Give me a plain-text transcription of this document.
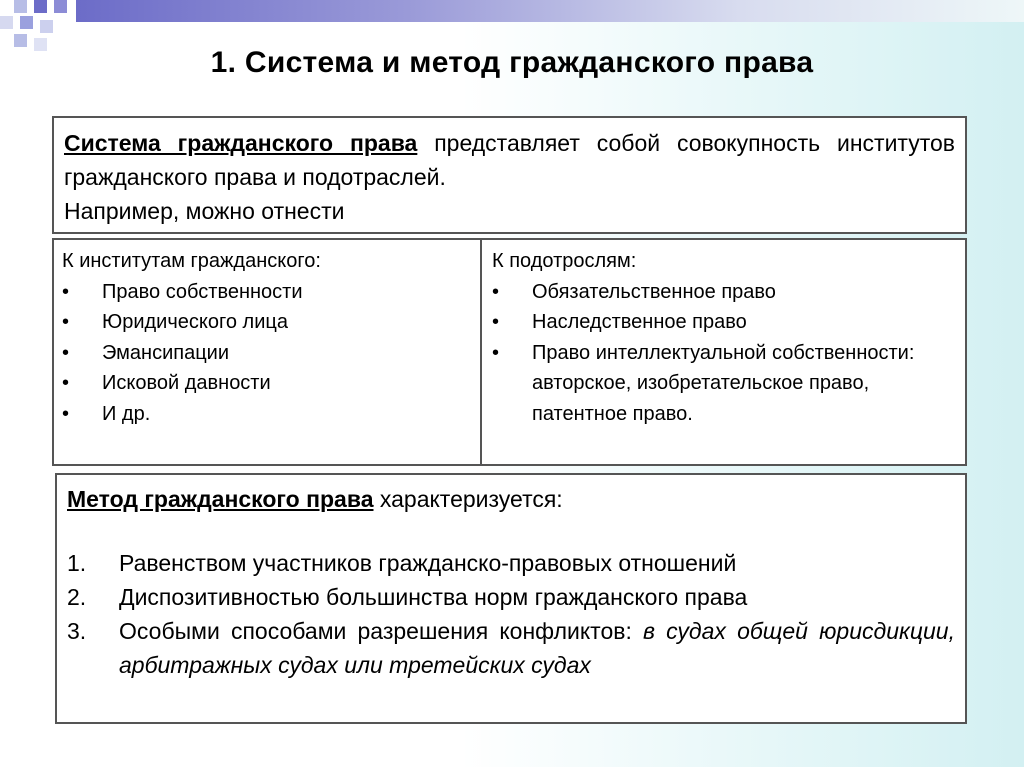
1. Система и метод гражданского права

Система гражданского права представляет собой совокупность институтов гражданского права и подотраслей.

Например, можно отнести

К институтам гражданского:
• Право собственности
• Юридического лица
• Эмансипации
• Исковой давности
• И др.
К подотрослям:
• Обязательственное право
• Наследственное право
• Право интеллектуальной собственности: авторское, изобретательское право, патентное право.

Метод гражданского права характеризуется:

1. Равенством участников гражданско-правовых отношений
2. Диспозитивностью большинства норм гражданского права
3. Особыми способами разрешения конфликтов: в судах общей юрисдикции, арбитражных судах или третейских судах
